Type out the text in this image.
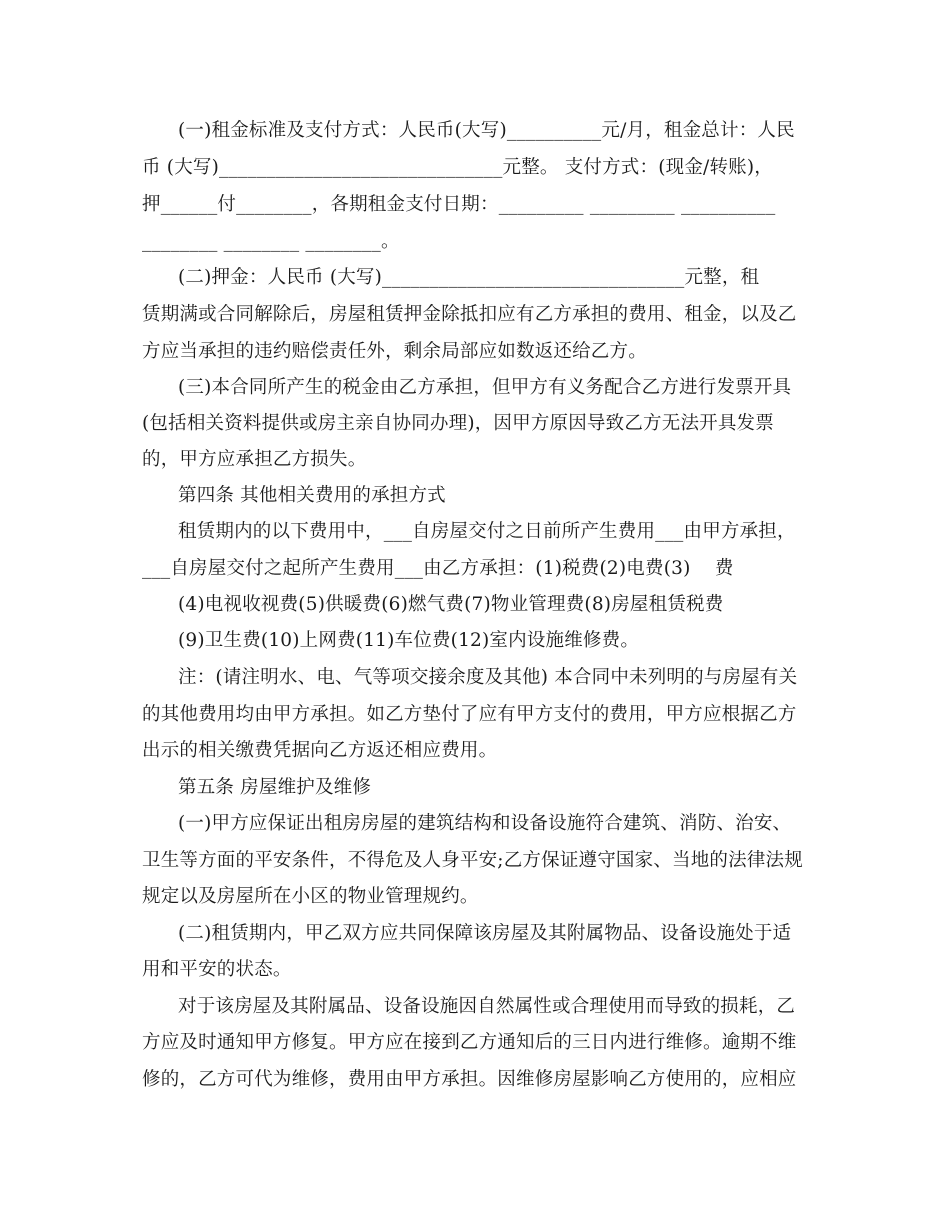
(一)租金标准及支付方式：人民币(大写)__________元/月，租金总计：人民
币 (大写)______________________________元整。 支付方式：(现金/转账)，
押______付________，各期租金支付日期：_________ _________ __________
________ ________ ________。
(二)押金：人民币 (大写)________________________________元整，租
赁期满或合同解除后，房屋租赁押金除抵扣应有乙方承担的费用、租金，以及乙
方应当承担的违约赔偿责任外，剩余局部应如数返还给乙方。
(三)本合同所产生的税金由乙方承担，但甲方有义务配合乙方进行发票开具
(包括相关资料提供或房主亲自协同办理)，因甲方原因导致乙方无法开具发票
的，甲方应承担乙方损失。
第四条 其他相关费用的承担方式
租赁期内的以下费用中，___自房屋交付之日前所产生费用___由甲方承担，
___自房屋交付之起所产生费用___由乙方承担：(1)税费(2)电费(3)    费
(4)电视收视费(5)供暖费(6)燃气费(7)物业管理费(8)房屋租赁税费
(9)卫生费(10)上网费(11)车位费(12)室内设施维修费。
注：(请注明水、电、气等项交接余度及其他) 本合同中未列明的与房屋有关
的其他费用均由甲方承担。如乙方垫付了应有甲方支付的费用，甲方应根据乙方
出示的相关缴费凭据向乙方返还相应费用。
第五条 房屋维护及维修
(一)甲方应保证出租房房屋的建筑结构和设备设施符合建筑、消防、治安、
卫生等方面的平安条件，不得危及人身平安;乙方保证遵守国家、当地的法律法规
规定以及房屋所在小区的物业管理规约。
(二)租赁期内，甲乙双方应共同保障该房屋及其附属物品、设备设施处于适
用和平安的状态。
对于该房屋及其附属品、设备设施因自然属性或合理使用而导致的损耗，乙
方应及时通知甲方修复。甲方应在接到乙方通知后的三日内进行维修。逾期不维
修的，乙方可代为维修，费用由甲方承担。因维修房屋影响乙方使用的，应相应
